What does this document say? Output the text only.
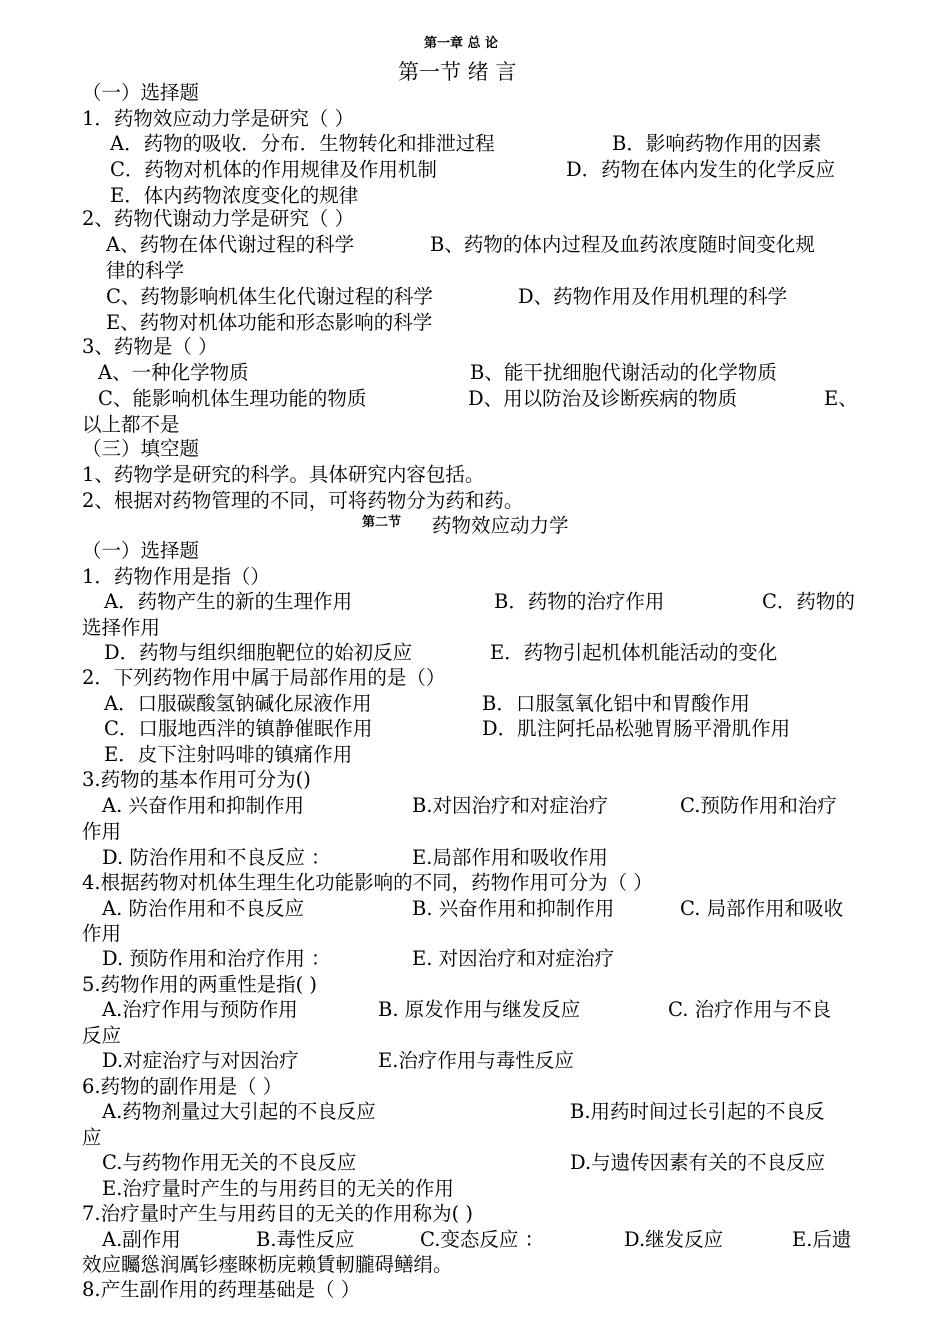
第一章 总 论
第一节 绪 言
（一）选择题
1．药物效应动力学是研究（ ）
A．药物的吸收．分布．生物转化和排泄过程	B．影响药物作用的因素
C．药物对机体的作用规律及作用机制	D．药物在体内发生的化学反应
E．体内药物浓度变化的规律
2、药物代谢动力学是研究（ ）
A、药物在体代谢过程的科学	B、药物的体内过程及血药浓度随时间变化规
律的科学
C、药物影响机体生化代谢过程的科学	D、药物作用及作用机理的科学
E、药物对机体功能和形态影响的科学
3、药物是（ ）
A、一种化学物质	B、能干扰细胞代谢活动的化学物质
C、能影响机体生理功能的物质	D、用以防治及诊断疾病的物质	E、
以上都不是
（三）填空题
1、药物学是研究的科学。具体研究内容包括。
2、根据对药物管理的不同，可将药物分为药和药。
第二节 药物效应动力学
（一）选择题
1．药物作用是指（）
A．药物产生的新的生理作用	B．药物的治疗作用	C．药物的
选择作用
D．药物与组织细胞靶位的始初反应	E．药物引起机体机能活动的变化
2．下列药物作用中属于局部作用的是（）
A．口服碳酸氢钠碱化尿液作用	B．口服氢氧化铝中和胃酸作用
C．口服地西泮的镇静催眠作用	D．肌注阿托品松驰胃肠平滑肌作用
E．皮下注射吗啡的镇痛作用
3.药物的基本作用可分为()
A. 兴奋作用和抑制作用	B.对因治疗和对症治疗	C.预防作用和治疗
作用
D. 防治作用和不良反应 ：	E.局部作用和吸收作用
4.根据药物对机体生理生化功能影响的不同，药物作用可分为（ ）
A. 防治作用和不良反应	B. 兴奋作用和抑制作用	C. 局部作用和吸收
作用
D. 预防作用和治疗作用 ：	E. 对因治疗和对症治疗
5.药物作用的两重性是指( )
A.治疗作用与预防作用	B. 原发作用与继发反应	C. 治疗作用与不良
反应
D.对症治疗与对因治疗	E.治疗作用与毒性反应
6.药物的副作用是（ ）
A.药物剂量过大引起的不良反应	B.用药时间过长引起的不良反
应
C.与药物作用无关的不良反应	D.与遗传因素有关的不良反应
E.治疗量时产生的与用药目的无关的作用
7.治疗量时产生与用药目的无关的作用称为( )
A.副作用	B.毒性反应	C.变态反应 ：	D.继发反应	E.后遗
效应矚慫润厲钐瘗睞枥庑赖賃軔朧碍鳝绢。
8.产生副作用的药理基础是（ ）
